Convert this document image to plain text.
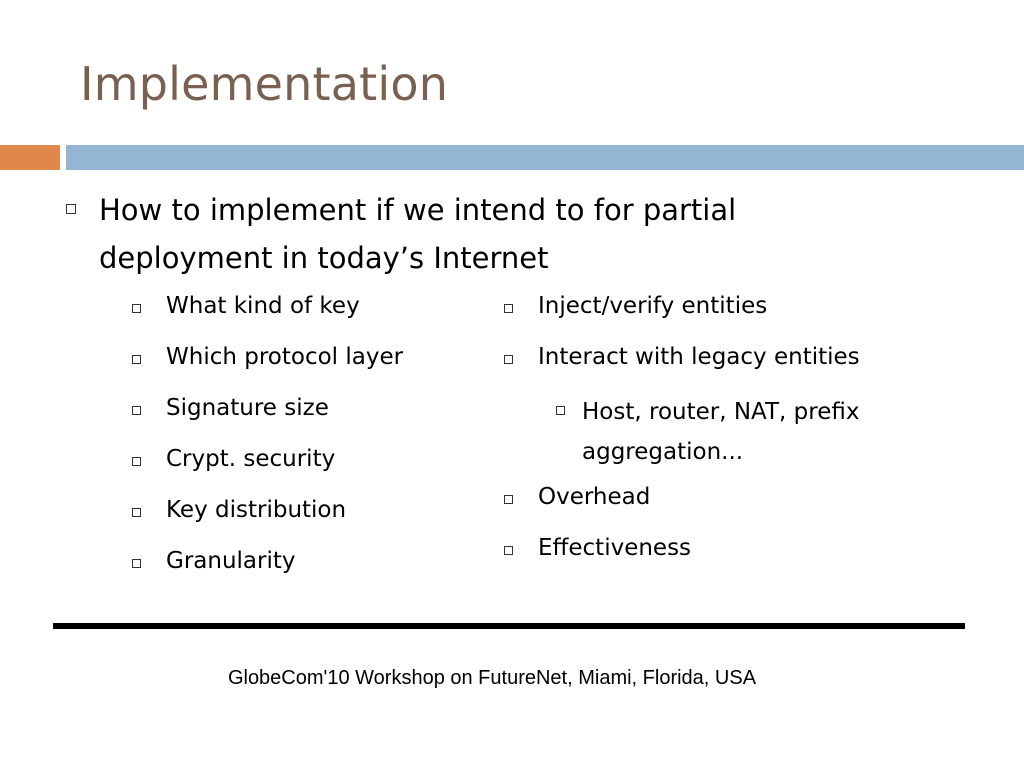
Implementation
How to implement if we intend to for partial deployment in today’s Internet
What kind of key
Which protocol layer
Signature size
Crypt. security
Key distribution
Granularity
Inject/verify entities
Interact with legacy entities
Host, router, NAT, prefix aggregation...
Overhead
Effectiveness
GlobeCom'10 Workshop on FutureNet, Miami, Florida, USA
